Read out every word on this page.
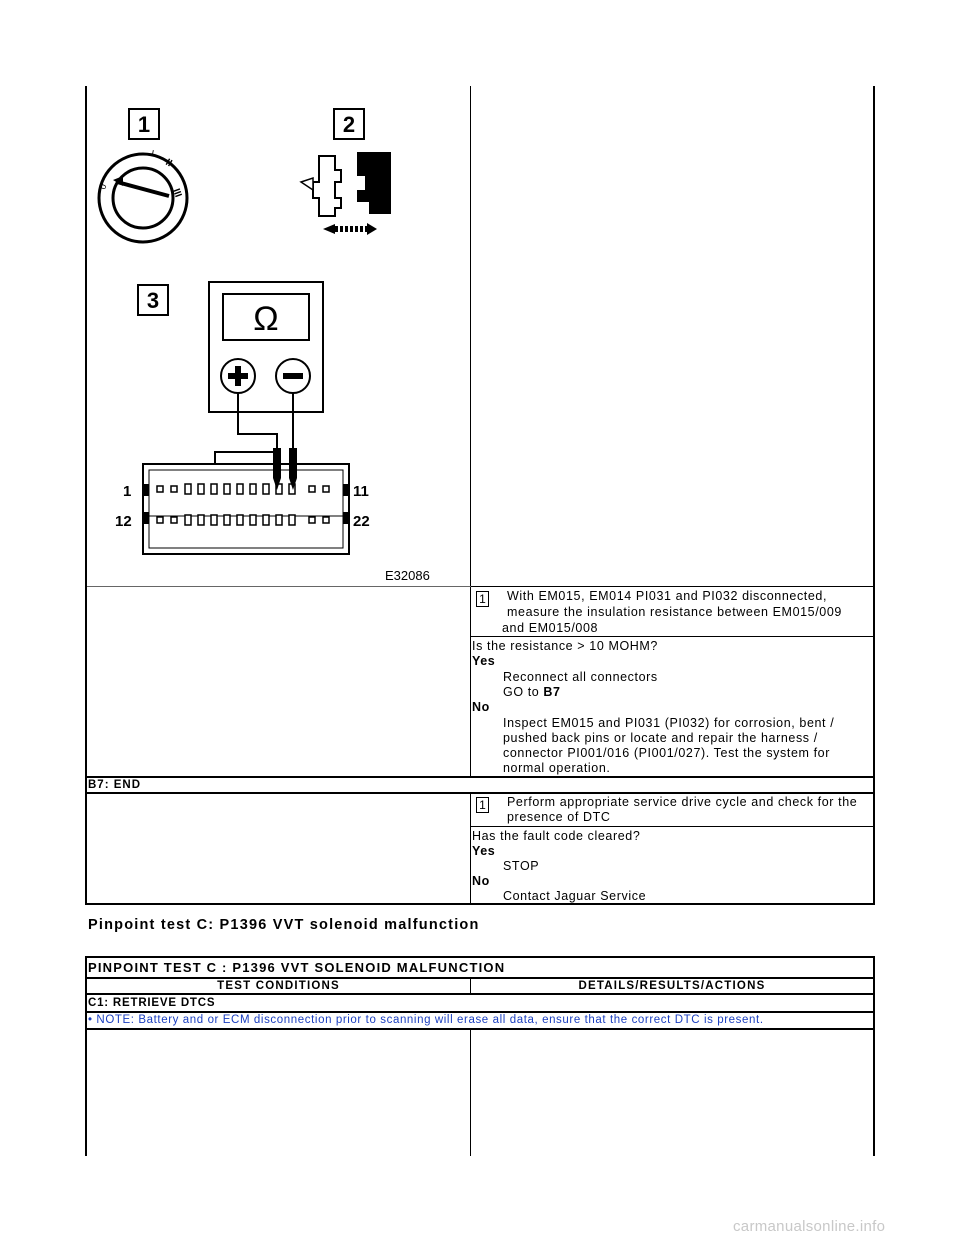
1
0
II
III
I
2
3	Ω
1	11
12	22
E32086
1 With EM015, EM014 PI031 and PI032 disconnected,
measure the insulation resistance between EM015/009
and EM015/008
Is the resistance > 10 MOHM?
Yes
Reconnect all connectors
GO to B7
No
Inspect EM015 and PI031 (PI032) for corrosion, bent /
pushed back pins or locate and repair the harness /
connector PI001/016 (PI001/027). Test the system for
normal operation.
B7: END
1 Perform appropriate service drive cycle and check for the
presence of DTC
Has the fault code cleared?
Yes
STOP
No
Contact Jaguar Service
Pinpoint test C: P1396 VVT solenoid malfunction
PINPOINT TEST C : P1396 VVT SOLENOID MALFUNCTION
TEST CONDITIONS	DETAILS/RESULTS/ACTIONS
C1: RETRIEVE DTCS
• NOTE: Battery and or ECM disconnection prior to scanning will erase all data, ensure that the correct DTC is present.
carmanualsonline.info
